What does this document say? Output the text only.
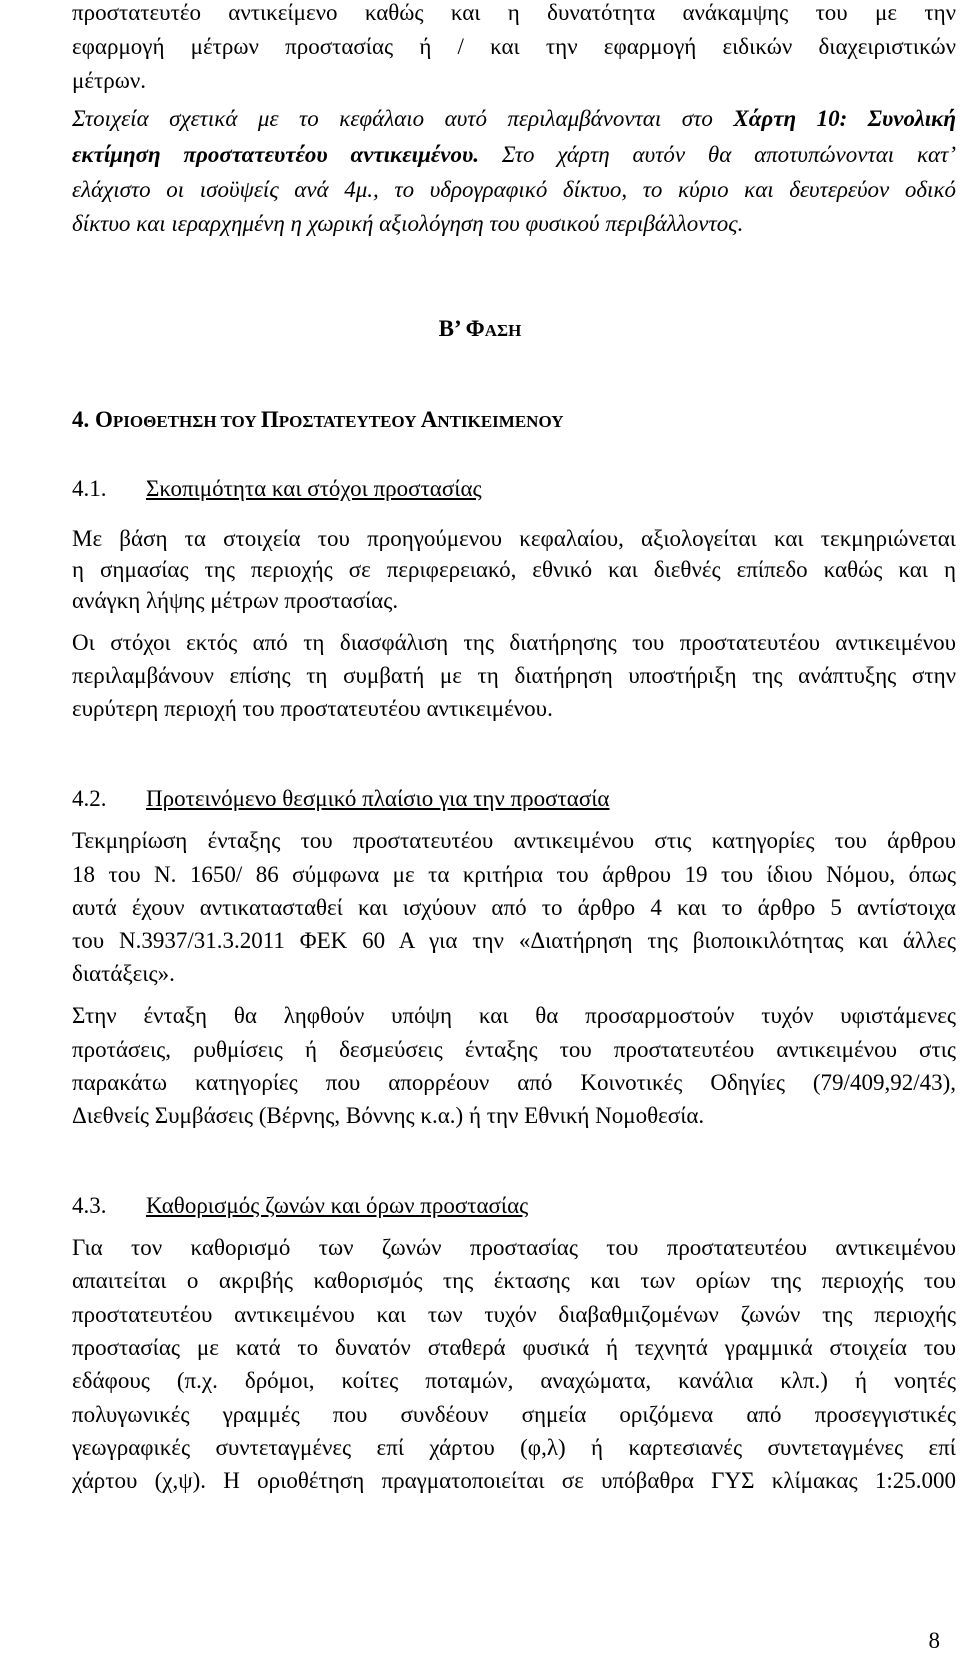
προστατευτέο αντικείμενο καθώς και η δυνατότητα ανάκαμψης του με την
εφαρμογή μέτρων προστασίας ή / και την εφαρμογή ειδικών διαχειριστικών
μέτρων.
Στοιχεία σχετικά με το κεφάλαιο αυτό περιλαμβάνονται στο Χάρτη 10: Συνολική
εκτίμηση προστατευτέου αντικειμένου. Στο χάρτη αυτόν θα αποτυπώνονται κατ’
ελάχιστο οι ισοϋψείς ανά 4μ., το υδρογραφικό δίκτυο, το κύριο και δευτερεύον οδικό
δίκτυο και ιεραρχημένη η χωρική αξιολόγηση του φυσικού περιβάλλοντος.
Β’ ΦΑΣΗ
4. ΟΡΙΟΘΕΤΗΣΗ ΤΟΥ ΠΡΟΣΤΑΤΕΥΤΕΟΥ ΑΝΤΙΚΕΙΜΕΝΟΥ
4.1. Σκοπιμότητα και στόχοι προστασίας
Με βάση τα στοιχεία του προηγούμενου κεφαλαίου, αξιολογείται και τεκμηριώνεται
η σημασίας της περιοχής σε περιφερειακό, εθνικό και διεθνές επίπεδο καθώς και η
ανάγκη λήψης μέτρων προστασίας.
Οι στόχοι εκτός από τη διασφάλιση της διατήρησης του προστατευτέου αντικειμένου
περιλαμβάνουν επίσης τη συμβατή με τη διατήρηση υποστήριξη της ανάπτυξης στην
ευρύτερη περιοχή του προστατευτέου αντικειμένου.
4.2. Προτεινόμενο θεσμικό πλαίσιο για την προστασία
Τεκμηρίωση ένταξης του προστατευτέου αντικειμένου στις κατηγορίες του άρθρου
18 του Ν. 1650/ 86 σύμφωνα με τα κριτήρια του άρθρου 19 του ίδιου Νόμου, όπως
αυτά έχουν αντικατασταθεί και ισχύουν από το άρθρο 4 και το άρθρο 5 αντίστοιχα
του Ν.3937/31.3.2011 ΦΕΚ 60 Α για την «Διατήρηση της βιοποικιλότητας και άλλες
διατάξεις».
Στην ένταξη θα ληφθούν υπόψη και θα προσαρμοστούν τυχόν υφιστάμενες
προτάσεις, ρυθμίσεις ή δεσμεύσεις ένταξης του προστατευτέου αντικειμένου στις
παρακάτω κατηγορίες που απορρέουν από Κοινοτικές Οδηγίες (79/409,92/43),
Διεθνείς Συμβάσεις (Βέρνης, Βόννης κ.α.) ή την Εθνική Νομοθεσία.
4.3. Καθορισμός ζωνών και όρων προστασίας
Για τον καθορισμό των ζωνών προστασίας του προστατευτέου αντικειμένου
απαιτείται ο ακριβής καθορισμός της έκτασης και των ορίων της περιοχής του
προστατευτέου αντικειμένου και των τυχόν διαβαθμιζομένων ζωνών της περιοχής
προστασίας με κατά το δυνατόν σταθερά φυσικά ή τεχνητά γραμμικά στοιχεία του
εδάφους (π.χ. δρόμοι, κοίτες ποταμών, αναχώματα, κανάλια κλπ.) ή νοητές
πολυγωνικές γραμμές που συνδέουν σημεία οριζόμενα από προσεγγιστικές
γεωγραφικές συντεταγμένες επί χάρτου (φ,λ) ή καρτεσιανές συντεταγμένες επί
χάρτου (χ,ψ). Η οριοθέτηση πραγματοποιείται σε υπόβαθρα ΓΥΣ κλίμακας 1:25.000
8
